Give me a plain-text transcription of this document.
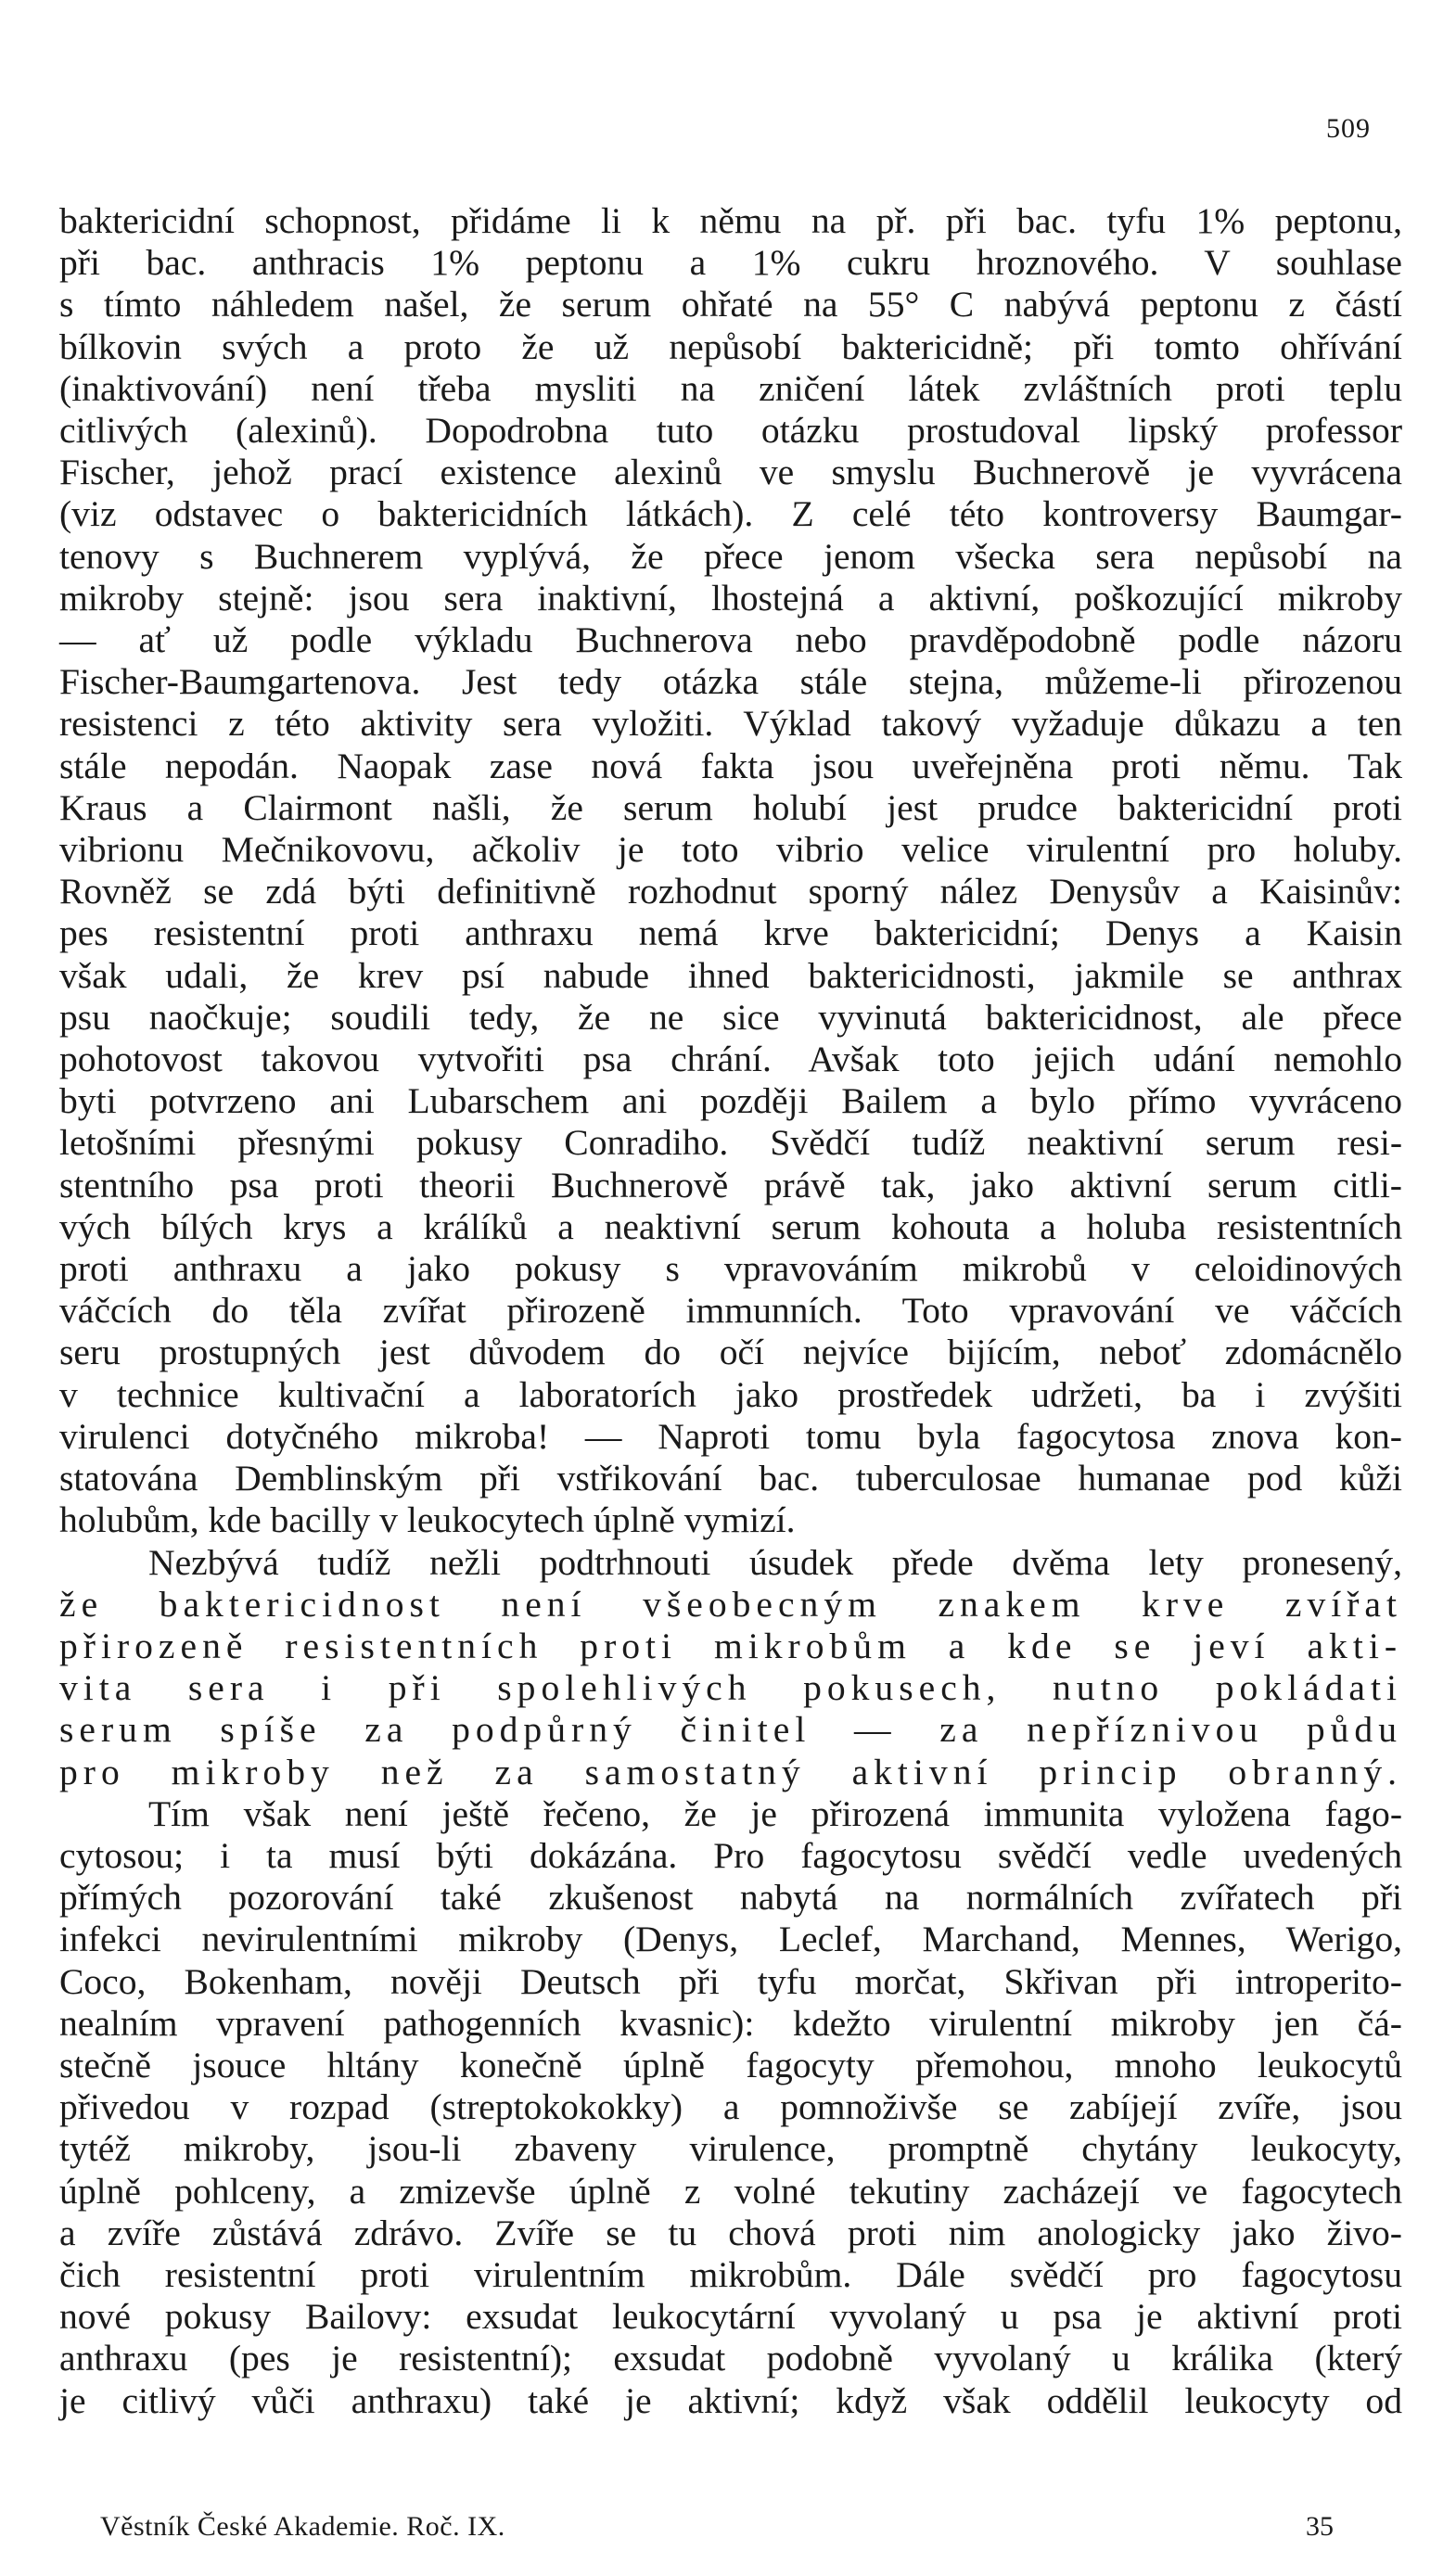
509
baktericidní schopnost, přidáme li k němu na př. při bac. tyfu 1% peptonu,
při bac. anthracis 1% peptonu a 1% cukru hroznového. V souhlase
s tímto náhledem našel, že serum ohřaté na 55° C nabývá peptonu z částí
bílkovin svých a proto že už nepůsobí baktericidně; při tomto ohřívání
(inaktivování) není třeba mysliti na zničení látek zvláštních proti teplu
citlivých (alexinů). Dopodrobna tuto otázku prostudoval lipský professor
Fischer, jehož prací existence alexinů ve smyslu Buchnerově je vyvrácena
(viz odstavec o baktericidních látkách). Z celé této kontroversy Baumgar-
tenovy s Buchnerem vyplývá, že přece jenom všecka sera nepůsobí na
mikroby stejně: jsou sera inaktivní, lhostejná a aktivní, poškozující mikroby
— ať už podle výkladu Buchnerova nebo pravděpodobně podle názoru
Fischer-Baumgartenova. Jest tedy otázka stále stejna, můžeme-li přirozenou
resistenci z této aktivity sera vyložiti. Výklad takový vyžaduje důkazu a ten
stále nepodán. Naopak zase nová fakta jsou uveřejněna proti němu. Tak
Kraus a Clairmont našli, že serum holubí jest prudce baktericidní proti
vibrionu Mečnikovovu, ačkoliv je toto vibrio velice virulentní pro holuby.
Rovněž se zdá býti definitivně rozhodnut sporný nález Denysův a Kaisinův:
pes resistentní proti anthraxu nemá krve baktericidní; Denys a Kaisin
však udali, že krev psí nabude ihned baktericidnosti, jakmile se anthrax
psu naočkuje; soudili tedy, že ne sice vyvinutá baktericidnost, ale přece
pohotovost takovou vytvořiti psa chrání. Avšak toto jejich udání nemohlo
byti potvrzeno ani Lubarschem ani později Bailem a bylo přímo vyvráceno
letošními přesnými pokusy Conradiho. Svědčí tudíž neaktivní serum resi-
stentního psa proti theorii Buchnerově právě tak, jako aktivní serum citli-
vých bílých krys a králíků a neaktivní serum kohouta a holuba resistentních
proti anthraxu a jako pokusy s vpravováním mikrobů v celoidinových
váčcích do těla zvířat přirozeně immunních. Toto vpravování ve váčcích
seru prostupných jest důvodem do očí nejvíce bijícím, neboť zdomácnělo
v technice kultivační a laboratorích jako prostředek udržeti, ba i zvýšiti
virulenci dotyčného mikroba! — Naproti tomu byla fagocytosa znova kon-
statována Demblinským při vstřikování bac. tuberculosae humanae pod kůži
holubům, kde bacilly v leukocytech úplně vymizí.
Nezbývá tudíž nežli podtrhnouti úsudek přede dvěma lety pronesený,
že baktericidnost není všeobecným znakem krve zvířat
přirozeně resistentních proti mikrobům a kde se jeví akti-
vita sera i při spolehlivých pokusech, nutno pokládati
serum spíše za podpůrný činitel — za nepříznivou půdu
pro mikroby než za samostatný aktivní princip obranný.
Tím však není ještě řečeno, že je přirozená immunita vyložena fago-
cytosou; i ta musí býti dokázána. Pro fagocytosu svědčí vedle uvedených
přímých pozorování také zkušenost nabytá na normálních zvířatech při
infekci nevirulentními mikroby (Denys, Leclef, Marchand, Mennes, Werigo,
Coco, Bokenham, nověji Deutsch při tyfu morčat, Skřivan při introperito-
nealním vpravení pathogenních kvasnic): kdežto virulentní mikroby jen čá-
stečně jsouce hltány konečně úplně fagocyty přemohou, mnoho leukocytů
přivedou v rozpad (streptokokokky) a pomnoživše se zabíjejí zvíře, jsou
tytéž mikroby, jsou-li zbaveny virulence, promptně chytány leukocyty,
úplně pohlceny, a zmizevše úplně z volné tekutiny zacházejí ve fagocytech
a zvíře zůstává zdrávo. Zvíře se tu chová proti nim anologicky jako živo-
čich resistentní proti virulentním mikrobům. Dále svědčí pro fagocytosu
nové pokusy Bailovy: exsudat leukocytární vyvolaný u psa je aktivní proti
anthraxu (pes je resistentní); exsudat podobně vyvolaný u králika (který
je citlivý vůči anthraxu) také je aktivní; když však oddělil leukocyty od
Věstník České Akademie. Roč. IX.	35
